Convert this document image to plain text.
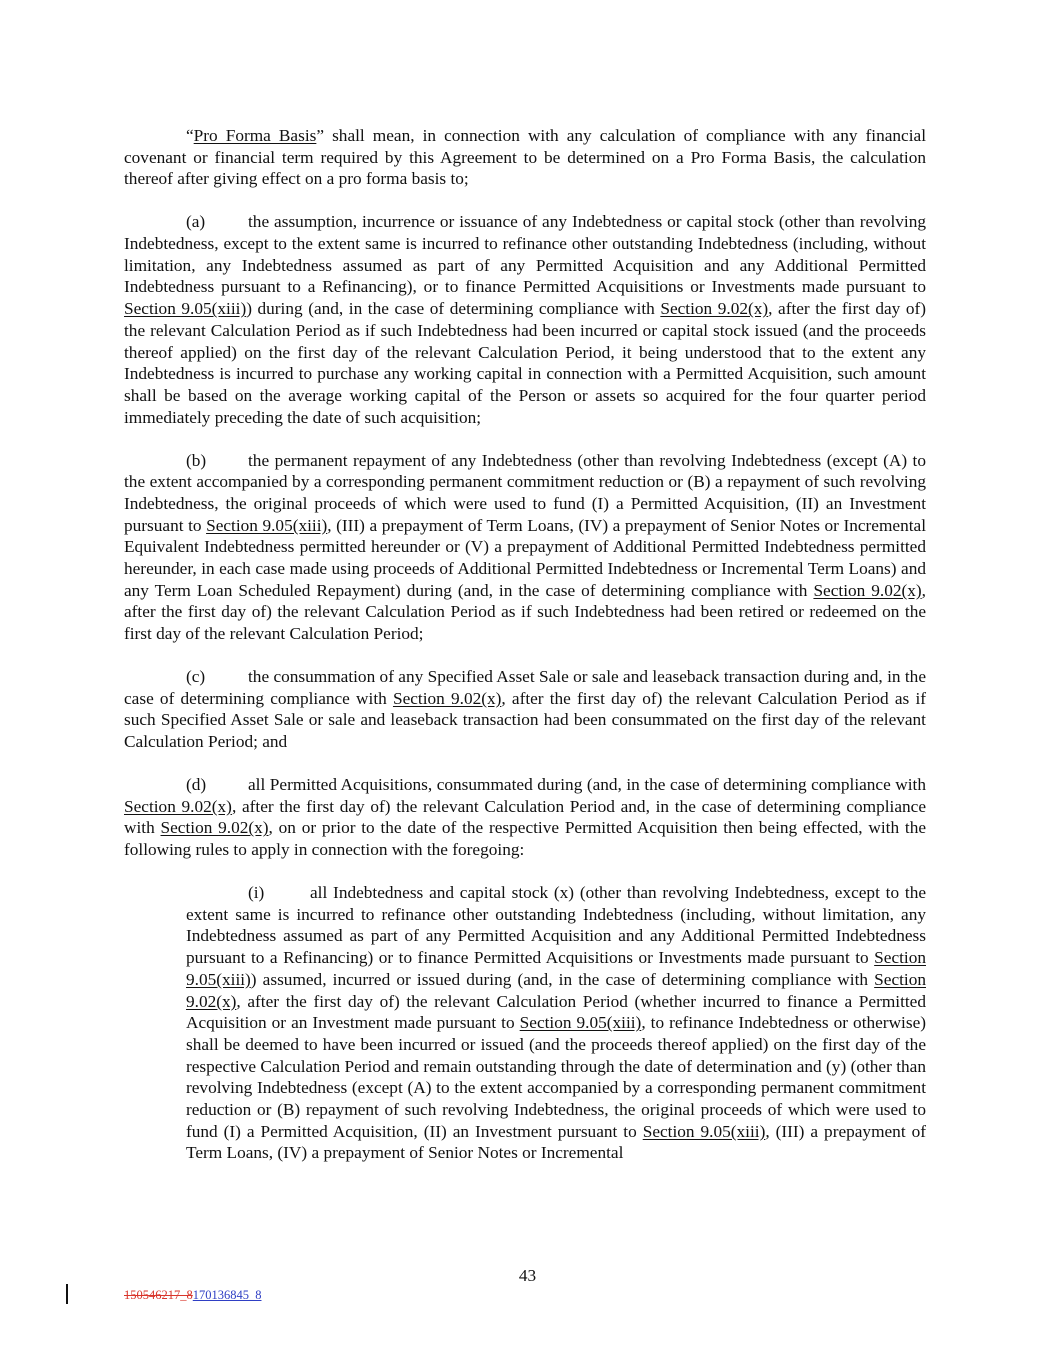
“Pro Forma Basis” shall mean, in connection with any calculation of compliance with any financial covenant or financial term required by this Agreement to be determined on a Pro Forma Basis, the calculation thereof after giving effect on a pro forma basis to;

(a) the assumption, incurrence or issuance of any Indebtedness or capital stock (other than revolving Indebtedness, except to the extent same is incurred to refinance other outstanding Indebtedness (including, without limitation, any Indebtedness assumed as part of any Permitted Acquisition and any Additional Permitted Indebtedness pursuant to a Refinancing), or to finance Permitted Acquisitions or Investments made pursuant to Section 9.05(xiii)) during (and, in the case of determining compliance with Section 9.02(x), after the first day of) the relevant Calculation Period as if such Indebtedness had been incurred or capital stock issued (and the proceeds thereof applied) on the first day of the relevant Calculation Period, it being understood that to the extent any Indebtedness is incurred to purchase any working capital in connection with a Permitted Acquisition, such amount shall be based on the average working capital of the Person or assets so acquired for the four quarter period immediately preceding the date of such acquisition;

(b) the permanent repayment of any Indebtedness (other than revolving Indebtedness (except (A) to the extent accompanied by a corresponding permanent commitment reduction or (B) a repayment of such revolving Indebtedness, the original proceeds of which were used to fund (I) a Permitted Acquisition, (II) an Investment pursuant to Section 9.05(xiii), (III) a prepayment of Term Loans, (IV) a prepayment of Senior Notes or Incremental Equivalent Indebtedness permitted hereunder or (V) a prepayment of Additional Permitted Indebtedness permitted hereunder, in each case made using proceeds of Additional Permitted Indebtedness or Incremental Term Loans) and any Term Loan Scheduled Repayment) during (and, in the case of determining compliance with Section 9.02(x), after the first day of) the relevant Calculation Period as if such Indebtedness had been retired or redeemed on the first day of the relevant Calculation Period;

(c) the consummation of any Specified Asset Sale or sale and leaseback transaction during and, in the case of determining compliance with Section 9.02(x), after the first day of) the relevant Calculation Period as if such Specified Asset Sale or sale and leaseback transaction had been consummated on the first day of the relevant Calculation Period; and

(d) all Permitted Acquisitions, consummated during (and, in the case of determining compliance with Section 9.02(x), after the first day of) the relevant Calculation Period and, in the case of determining compliance with Section 9.02(x), on or prior to the date of the respective Permitted Acquisition then being effected, with the following rules to apply in connection with the foregoing:

(i)	all Indebtedness and capital stock (x) (other than revolving Indebtedness, except to the extent same is incurred to refinance other outstanding Indebtedness (including, without limitation, any Indebtedness assumed as part of any Permitted Acquisition and any Additional Permitted Indebtedness pursuant to a Refinancing) or to finance Permitted Acquisitions or Investments made pursuant to Section 9.05(xiii)) assumed, incurred or issued during (and, in the case of determining compliance with Section 9.02(x), after the first day of) the relevant Calculation Period (whether incurred to finance a Permitted Acquisition or an Investment made pursuant to Section 9.05(xiii), to refinance Indebtedness or otherwise) shall be deemed to have been incurred or issued (and the proceeds thereof applied) on the first day of the respective Calculation Period and remain outstanding through the date of determination and (y) (other than revolving Indebtedness (except (A) to the extent accompanied by a corresponding permanent commitment reduction or (B) repayment of such revolving Indebtedness, the original proceeds of which were used to fund (I) a Permitted Acquisition, (II) an Investment pursuant to Section 9.05(xiii), (III) a prepayment of Term Loans, (IV) a prepayment of Senior Notes or Incremental

43
150546217_8170136845_8
